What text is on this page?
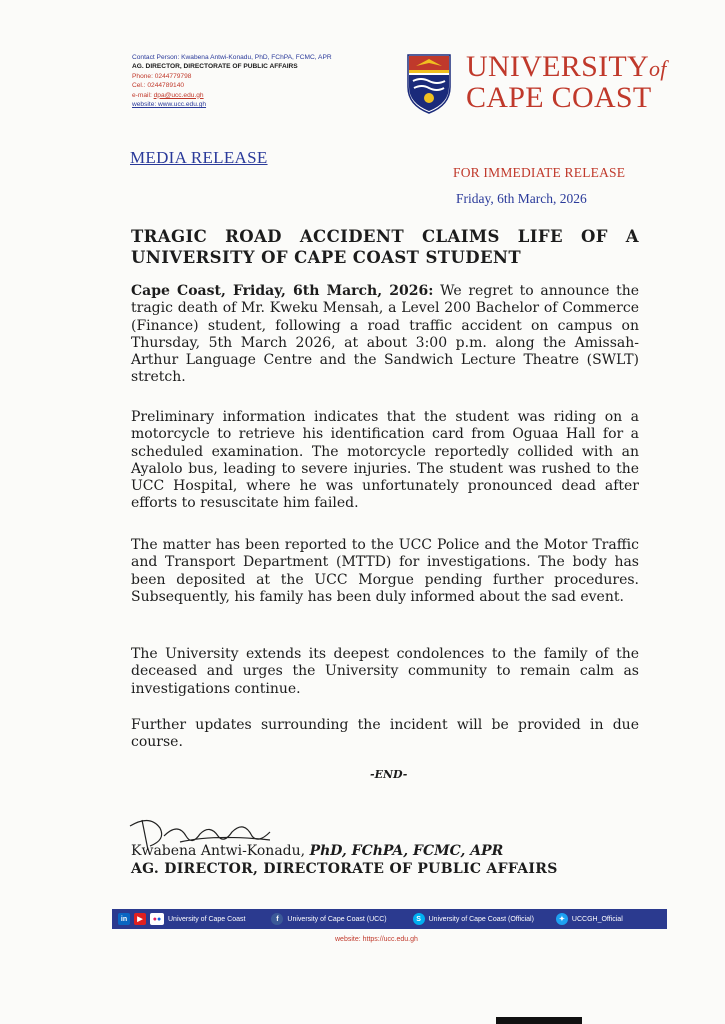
Contact Person: Kwabena Antwi-Konadu, PhD, FChPA, FCMC, APR
AG. DIRECTOR, DIRECTORATE OF PUBLIC AFFAIRS
Phone: 0244779798
Cel.: 0244789140
e-mail: dpa@ucc.edu.gh
website: www.ucc.edu.gh
UNIVERSITYof
CAPE COAST
MEDIA RELEASE
FOR IMMEDIATE RELEASE
Friday, 6th March, 2026
TRAGIC ROAD ACCIDENT CLAIMS LIFE OF A UNIVERSITY OF CAPE COAST STUDENT

Cape Coast, Friday, 6th March, 2026: We regret to announce the tragic death of Mr. Kweku Mensah, a Level 200 Bachelor of Commerce (Finance) student, following a road traffic accident on campus on Thursday, 5th March 2026, at about 3:00 p.m. along the Amissah-Arthur Language Centre and the Sandwich Lecture Theatre (SWLT) stretch.

Preliminary information indicates that the student was riding on a motorcycle to retrieve his identification card from Oguaa Hall for a scheduled examination. The motorcycle reportedly collided with an Ayalolo bus, leading to severe injuries. The student was rushed to the UCC Hospital, where he was unfortunately pronounced dead after efforts to resuscitate him failed.

The matter has been reported to the UCC Police and the Motor Traffic and Transport Department (MTTD) for investigations. The body has been deposited at the UCC Morgue pending further procedures. Subsequently, his family has been duly informed about the sad event.

The University extends its deepest condolences to the family of the deceased and urges the University community to remain calm as investigations continue.

Further updates surrounding the incident will be provided in due course.

-END-
Kwabena Antwi-Konadu, PhD, FChPA, FCMC, APR
AG. DIRECTOR, DIRECTORATE OF PUBLIC AFFAIRS
in	▶	● ● University of Cape Coast	f	University of Cape Coast (UCC)	S	University of Cape Coast (Official)	✦	UCCGH_Official
website: https://ucc.edu.gh
